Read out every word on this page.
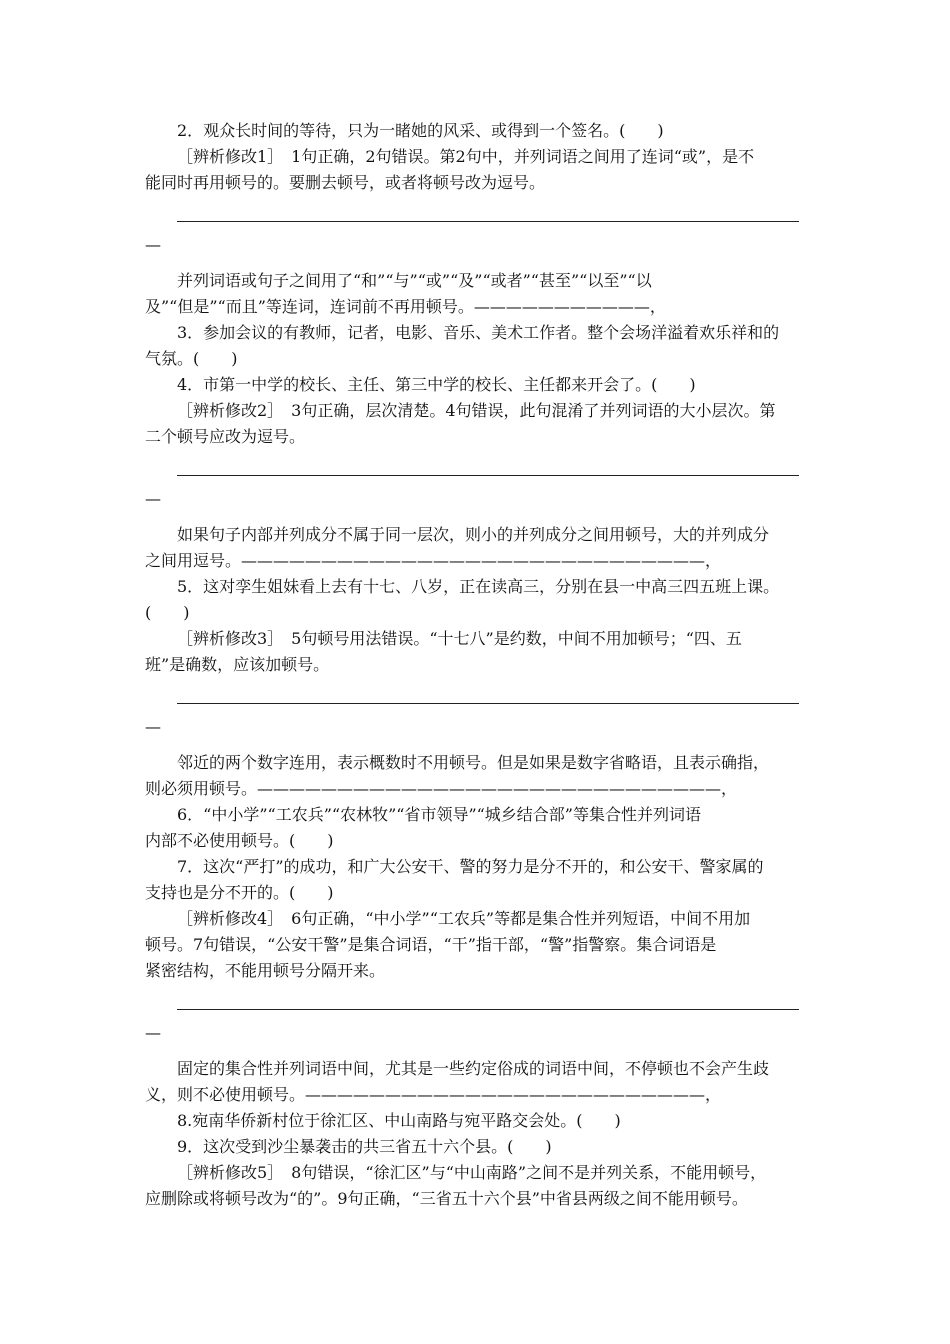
2．观众长时间的等待，只为一睹她的风采、或得到一个签名。(　　)
［辨析修改1］　1句正确，2句错误。第2句中，并列词语之间用了连词“或”，是不
能同时再用顿号的。要删去顿号，或者将顿号改为逗号。
—
并列词语或句子之间用了“和”“与”“或”“及”“或者”“甚至”“以至”“以
及”“但是”“而且”等连词，连词前不再用顿号。———————————，
3．参加会议的有教师，记者，电影、音乐、美术工作者。整个会场洋溢着欢乐祥和的
气氛。(　　)
4．市第一中学的校长、主任、第三中学的校长、主任都来开会了。(　　)
［辨析修改2］　3句正确，层次清楚。4句错误，此句混淆了并列词语的大小层次。第
二个顿号应改为逗号。
—
如果句子内部并列成分不属于同一层次，则小的并列成分之间用顿号，大的并列成分
之间用逗号。—————————————————————————————，
5．这对孪生姐妹看上去有十七、八岁，正在读高三，分别在县一中高三四五班上课。
(　　)
［辨析修改3］　5句顿号用法错误。“十七八”是约数，中间不用加顿号；“四、五
班”是确数，应该加顿号。
—
邻近的两个数字连用，表示概数时不用顿号。但是如果是数字省略语，且表示确指，
则必须用顿号。—————————————————————————————，
6．“中小学”“工农兵”“农林牧”“省市领导”“城乡结合部”等集合性并列词语
内部不必使用顿号。(　　)
7．这次“严打”的成功，和广大公安干、警的努力是分不开的，和公安干、警家属的
支持也是分不开的。(　　)
［辨析修改4］　6句正确，“中小学”“工农兵”等都是集合性并列短语，中间不用加
顿号。7句错误，“公安干警”是集合词语，“干”指干部，“警”指警察。集合词语是
紧密结构，不能用顿号分隔开来。
—
固定的集合性并列词语中间，尤其是一些约定俗成的词语中间，不停顿也不会产生歧
义，则不必使用顿号。—————————————————————————，
8.宛南华侨新村位于徐汇区、中山南路与宛平路交会处。(　　)
9．这次受到沙尘暴袭击的共三省五十六个县。(　　)
［辨析修改5］　8句错误，“徐汇区”与“中山南路”之间不是并列关系，不能用顿号，
应删除或将顿号改为“的”。9句正确，“三省五十六个县”中省县两级之间不能用顿号。
